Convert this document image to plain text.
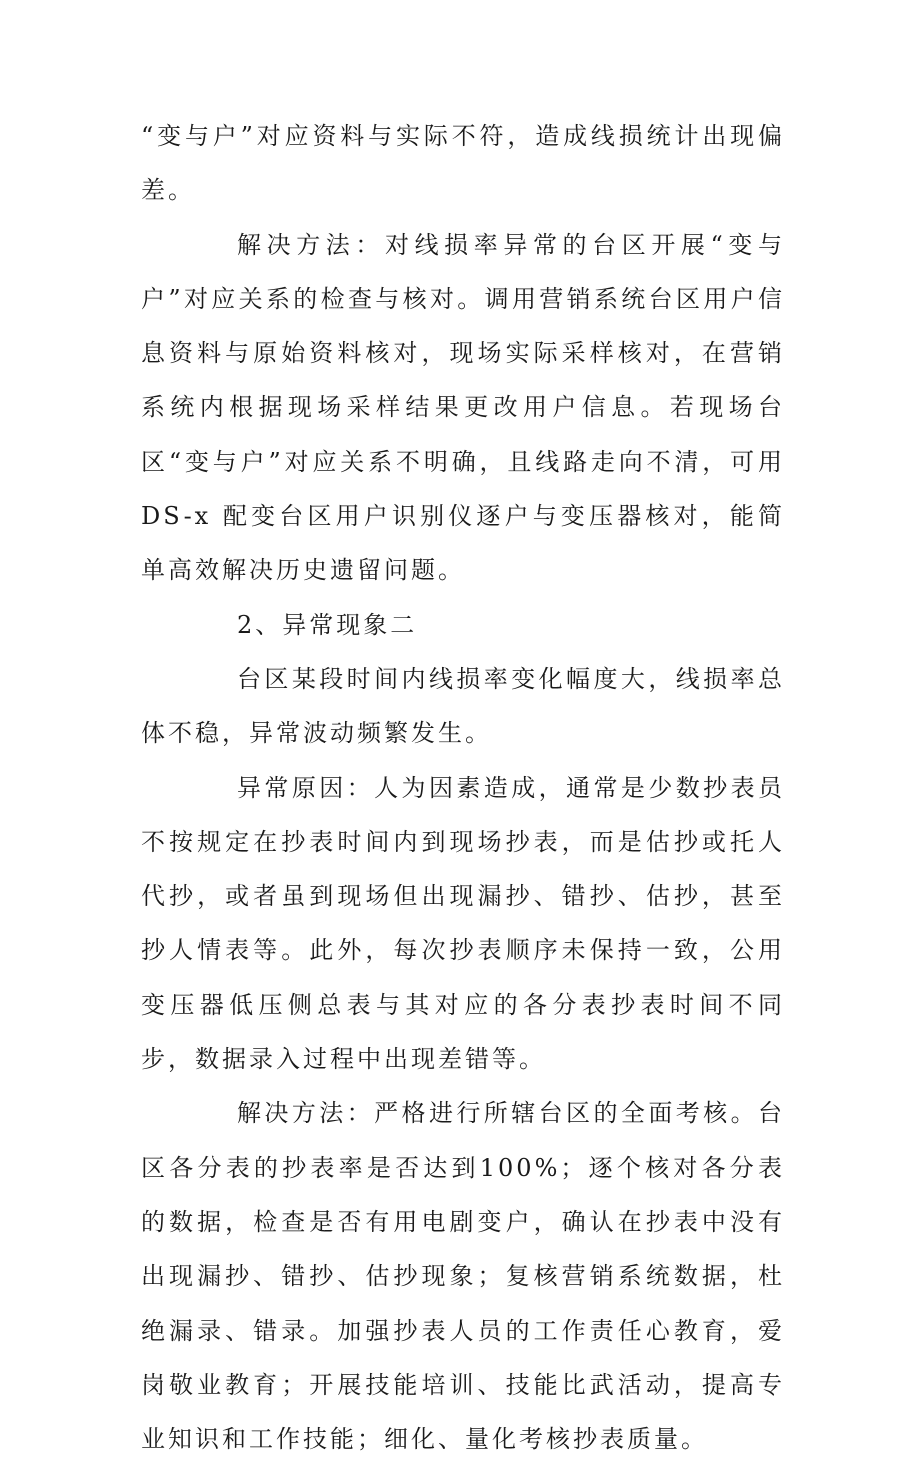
“变与户”对应资料与实际不符，造成线损统计出现偏差。

解决方法：对线损率异常的台区开展“变与户”对应关系的检查与核对。调用营销系统台区用户信息资料与原始资料核对，现场实际采样核对，在营销系统内根据现场采样结果更改用户信息。若现场台区“变与户”对应关系不明确，且线路走向不清，可用 DS-x 配变台区用户识别仪逐户与变压器核对，能简单高效解决历史遗留问题。

2、异常现象二

台区某段时间内线损率变化幅度大，线损率总体不稳，异常波动频繁发生。

异常原因：人为因素造成，通常是少数抄表员不按规定在抄表时间内到现场抄表，而是估抄或托人代抄，或者虽到现场但出现漏抄、错抄、估抄，甚至抄人情表等。此外，每次抄表顺序未保持一致，公用变压器低压侧总表与其对应的各分表抄表时间不同步，数据录入过程中出现差错等。

解决方法：严格进行所辖台区的全面考核。台区各分表的抄表率是否达到100%；逐个核对各分表的数据，检查是否有用电剧变户，确认在抄表中没有出现漏抄、错抄、估抄现象；复核营销系统数据，杜绝漏录、错录。加强抄表人员的工作责任心教育，爱岗敬业教育；开展技能培训、技能比武活动，提高专业知识和工作技能；细化、量化考核抄表质量。
